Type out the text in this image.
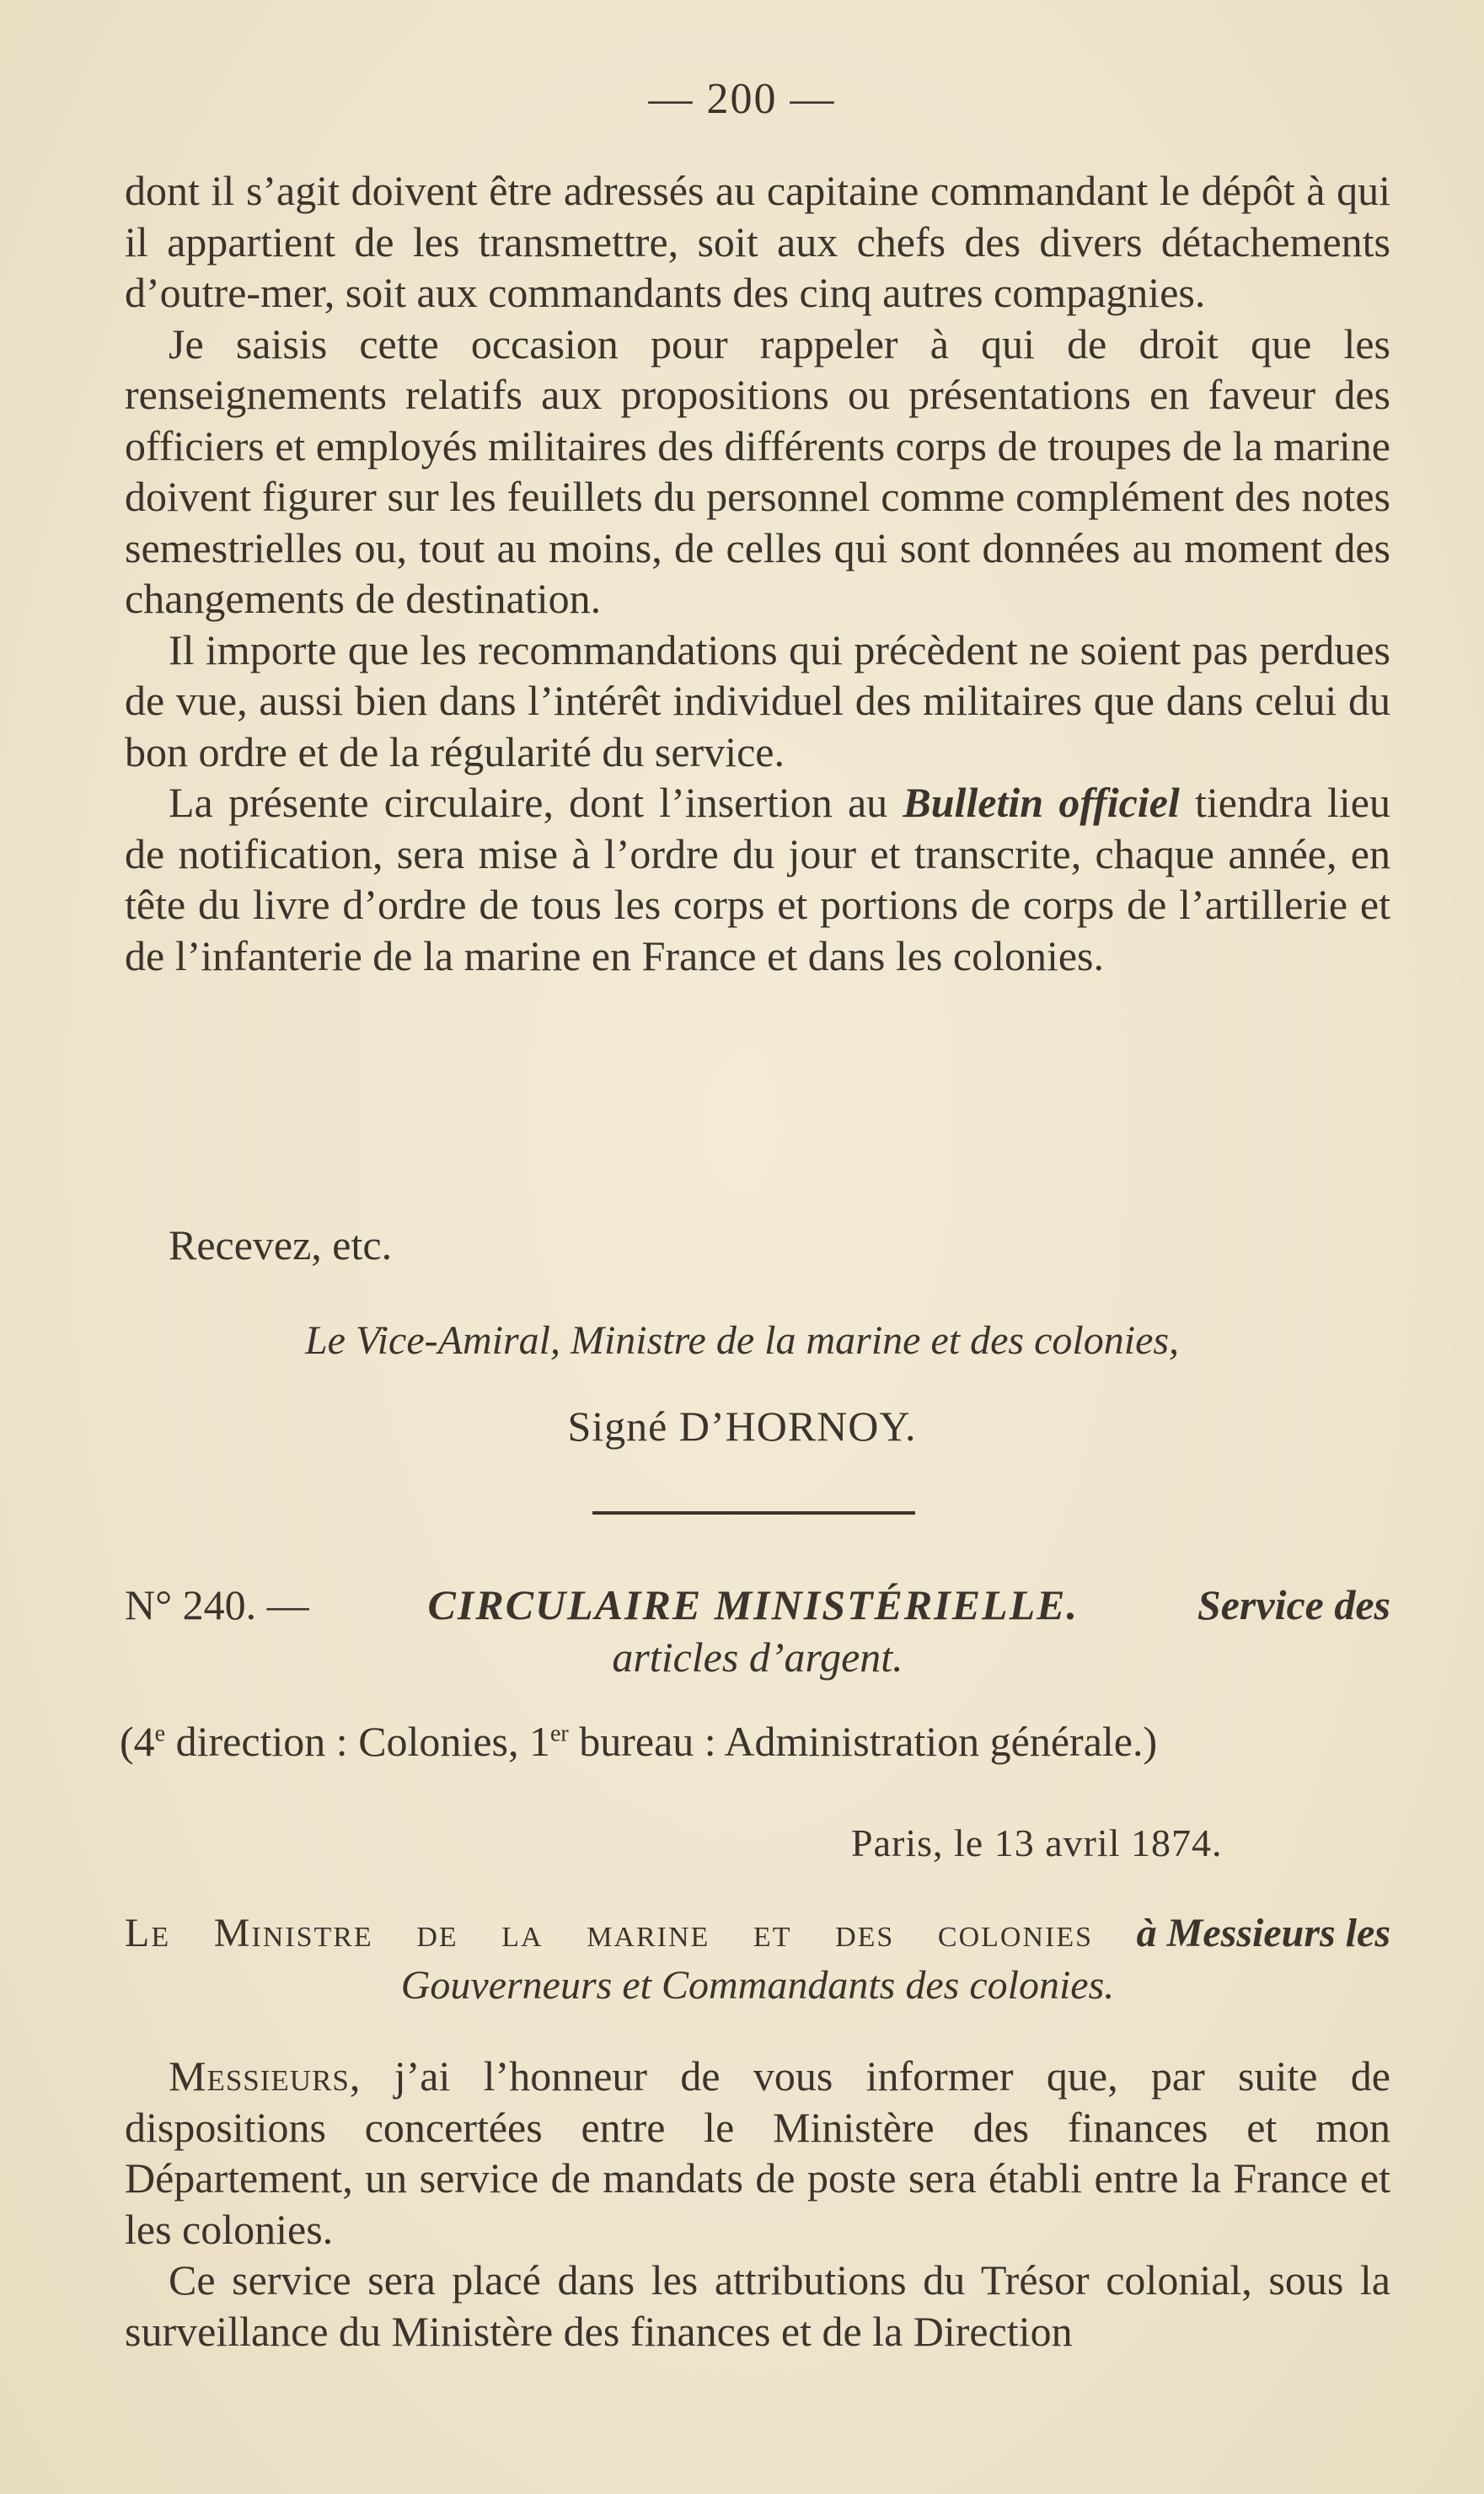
— 200 —

dont il s’agit doivent être adressés au capitaine commandant le dépôt à qui il appartient de les transmettre, soit aux chefs des divers détachements d’outre-mer, soit aux commandants des cinq autres compagnies.

Je saisis cette occasion pour rappeler à qui de droit que les renseignements relatifs aux propositions ou présentations en faveur des officiers et employés militaires des différents corps de troupes de la marine doivent figurer sur les feuillets du personnel comme complément des notes semestrielles ou, tout au moins, de celles qui sont données au moment des changements de destination.

Il importe que les recommandations qui précèdent ne soient pas perdues de vue, aussi bien dans l’intérêt individuel des militaires que dans celui du bon ordre et de la régularité du service.

La présente circulaire, dont l’insertion au Bulletin officiel tiendra lieu de notification, sera mise à l’ordre du jour et transcrite, chaque année, en tête du livre d’ordre de tous les corps et portions de corps de l’artillerie et de l’infanterie de la marine en France et dans les colonies.

Recevez, etc.
Le Vice-Amiral, Ministre de la marine et des colonies,
Signé D’HORNOY.
N° 240. —	CIRCULAIRE MINISTÉRIELLE.	Service des
articles d’argent.
(4e direction : Colonies, 1er bureau : Administration générale.)
Paris, le 13 avril 1874.
Le Ministre de la marine et des colonies à Messieurs les
Gouverneurs et Commandants des colonies.

Messieurs, j’ai l’honneur de vous informer que, par suite de dispositions concertées entre le Ministère des finances et mon Département, un service de mandats de poste sera établi entre la France et les colonies.

Ce service sera placé dans les attributions du Trésor colonial, sous la surveillance du Ministère des finances et de la Direction
